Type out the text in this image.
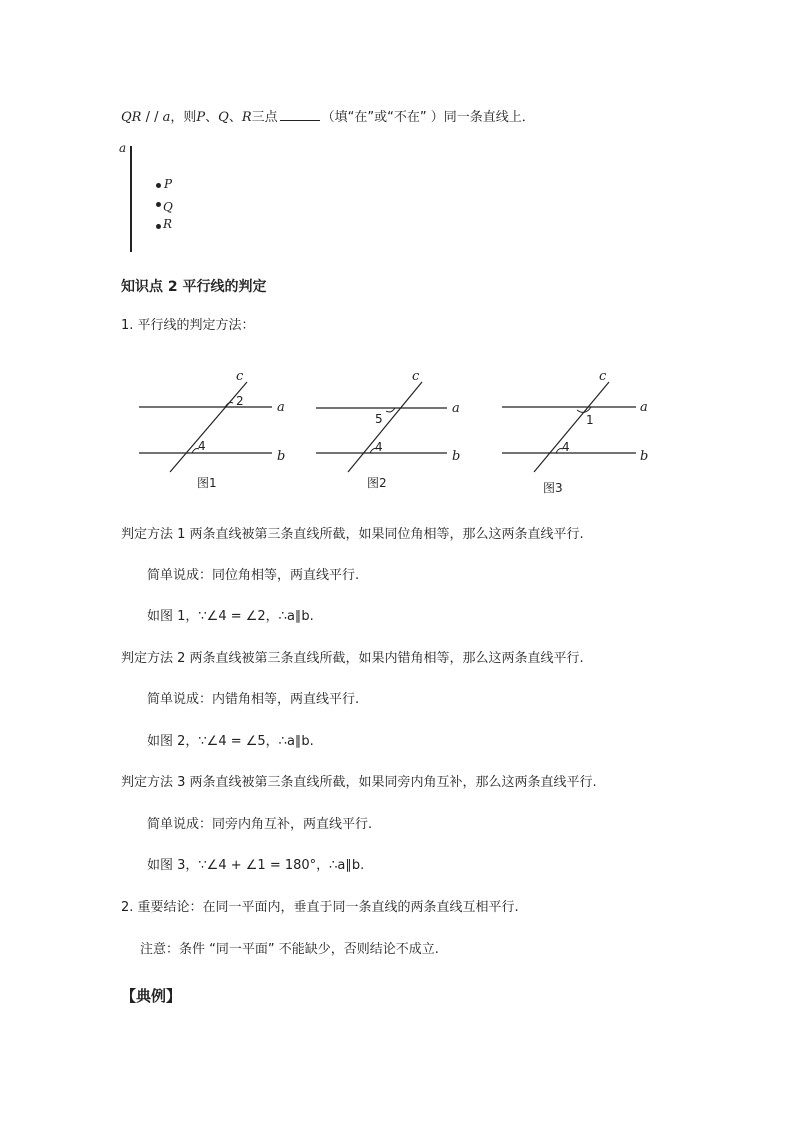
QR / / a，则P、Q、R三点	（填“在”或“不在” ）同一条直线上．
a
P
Q
R
知识点 2 平行线的判定
1. 平行线的判定方法：
c
2	a
4
b
图1
c
5
a
4
b
图2
c
1
a
4
b
图3
判定方法 1 两条直线被第三条直线所截，如果同位角相等，那么这两条直线平行.
简单说成：同位角相等，两直线平行.
如图 1，∵∠4 = ∠2，∴a∥b.
判定方法 2 两条直线被第三条直线所截，如果内错角相等，那么这两条直线平行.
简单说成：内错角相等，两直线平行.
如图 2，∵∠4 = ∠5，∴a∥b.
判定方法 3 两条直线被第三条直线所截，如果同旁内角互补，那么这两条直线平行.
简单说成：同旁内角互补，两直线平行.
如图 3，∵∠4 + ∠1 = 180°，∴a∥b.
2. 重要结论：在同一平面内，垂直于同一条直线的两条直线互相平行.
注意：条件 “同一平面” 不能缺少，否则结论不成立.
【典例】
